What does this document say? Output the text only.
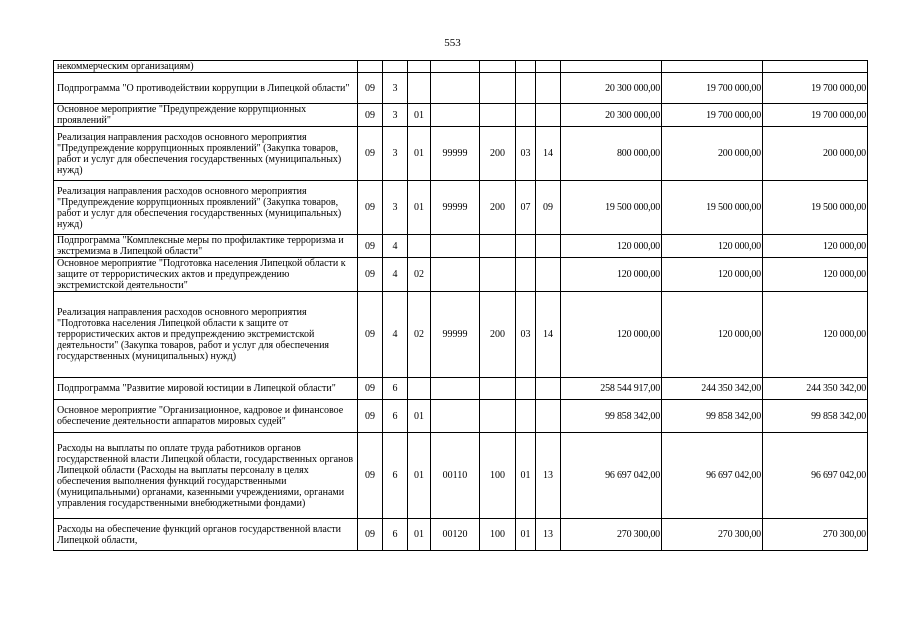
553
некоммерческим организациям)										
Подпрограмма "О противодействии коррупции в Липецкой области"	09	3						20 300 000,00	19 700 000,00	19 700 000,00
Основное мероприятие "Предупреждение коррупционных проявлений"	09	3	01					20 300 000,00	19 700 000,00	19 700 000,00
Реализация направления расходов основного мероприятия "Предупреждение коррупционных проявлений" (Закупка товаров, работ и услуг для обеспечения государственных (муниципальных) нужд)	09	3	01	99999	200	03	14	800 000,00	200 000,00	200 000,00
Реализация направления расходов основного мероприятия "Предупреждение коррупционных проявлений" (Закупка товаров, работ и услуг для обеспечения государственных (муниципальных) нужд)	09	3	01	99999	200	07	09	19 500 000,00	19 500 000,00	19 500 000,00
Подпрограмма "Комплексные меры по профилактике терроризма и экстремизма в Липецкой области"	09	4						120 000,00	120 000,00	120 000,00
Основное мероприятие "Подготовка населения Липецкой области к защите от террористических актов и предупреждению экстремистской деятельности"	09	4	02					120 000,00	120 000,00	120 000,00
Реализация направления расходов основного мероприятия "Подготовка населения Липецкой области к защите от террористических актов и предупреждению экстремистской деятельности" (Закупка товаров, работ и услуг для обеспечения государственных (муниципальных) нужд)	09	4	02	99999	200	03	14	120 000,00	120 000,00	120 000,00
Подпрограмма "Развитие мировой юстиции в Липецкой области"	09	6						258 544 917,00	244 350 342,00	244 350 342,00
Основное мероприятие "Организационное, кадровое и финансовое обеспечение деятельности аппаратов мировых судей"	09	6	01					99 858 342,00	99 858 342,00	99 858 342,00
Расходы на выплаты по оплате труда работников органов государственной власти Липецкой области, государственных органов Липецкой области (Расходы на выплаты персоналу в целях обеспечения выполнения функций государственными (муниципальными) органами, казенными учреждениями, органами управления государственными внебюджетными фондами)	09	6	01	00110	100	01	13	96 697 042,00	96 697 042,00	96 697 042,00
Расходы на обеспечение функций органов государственной власти Липецкой области,	09	6	01	00120	100	01	13	270 300,00	270 300,00	270 300,00
